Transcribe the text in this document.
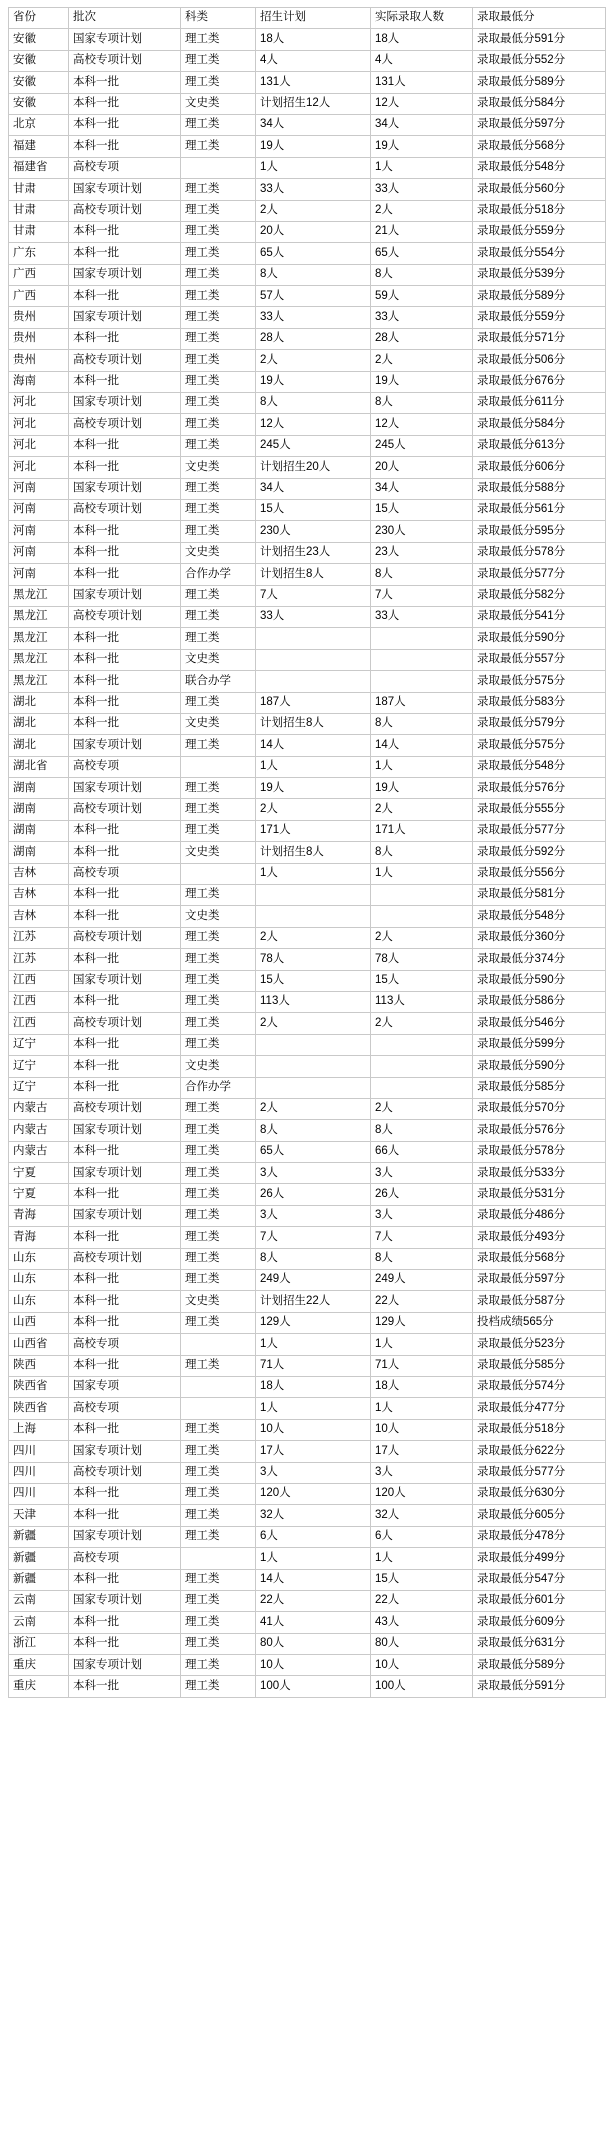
省份	批次	科类	招生计划	实际录取人数	录取最低分
安徽	国家专项计划	理工类	18人	18人	录取最低分591分
安徽	高校专项计划	理工类	4人	4人	录取最低分552分
安徽	本科一批	理工类	131人	131人	录取最低分589分
安徽	本科一批	文史类	计划招生12人	12人	录取最低分584分
北京	本科一批	理工类	34人	34人	录取最低分597分
福建	本科一批	理工类	19人	19人	录取最低分568分
福建省	高校专项		1人	1人	录取最低分548分
甘肃	国家专项计划	理工类	33人	33人	录取最低分560分
甘肃	高校专项计划	理工类	2人	2人	录取最低分518分
甘肃	本科一批	理工类	20人	21人	录取最低分559分
广东	本科一批	理工类	65人	65人	录取最低分554分
广西	国家专项计划	理工类	8人	8人	录取最低分539分
广西	本科一批	理工类	57人	59人	录取最低分589分
贵州	国家专项计划	理工类	33人	33人	录取最低分559分
贵州	本科一批	理工类	28人	28人	录取最低分571分
贵州	高校专项计划	理工类	2人	2人	录取最低分506分
海南	本科一批	理工类	19人	19人	录取最低分676分
河北	国家专项计划	理工类	8人	8人	录取最低分611分
河北	高校专项计划	理工类	12人	12人	录取最低分584分
河北	本科一批	理工类	245人	245人	录取最低分613分
河北	本科一批	文史类	计划招生20人	20人	录取最低分606分
河南	国家专项计划	理工类	34人	34人	录取最低分588分
河南	高校专项计划	理工类	15人	15人	录取最低分561分
河南	本科一批	理工类	230人	230人	录取最低分595分
河南	本科一批	文史类	计划招生23人	23人	录取最低分578分
河南	本科一批	合作办学	计划招生8人	8人	录取最低分577分
黑龙江	国家专项计划	理工类	7人	7人	录取最低分582分
黑龙江	高校专项计划	理工类	33人	33人	录取最低分541分
黑龙江	本科一批	理工类			录取最低分590分
黑龙江	本科一批	文史类			录取最低分557分
黑龙江	本科一批	联合办学			录取最低分575分
湖北	本科一批	理工类	187人	187人	录取最低分583分
湖北	本科一批	文史类	计划招生8人	8人	录取最低分579分
湖北	国家专项计划	理工类	14人	14人	录取最低分575分
湖北省	高校专项		1人	1人	录取最低分548分
湖南	国家专项计划	理工类	19人	19人	录取最低分576分
湖南	高校专项计划	理工类	2人	2人	录取最低分555分
湖南	本科一批	理工类	171人	171人	录取最低分577分
湖南	本科一批	文史类	计划招生8人	8人	录取最低分592分
吉林	高校专项		1人	1人	录取最低分556分
吉林	本科一批	理工类			录取最低分581分
吉林	本科一批	文史类			录取最低分548分
江苏	高校专项计划	理工类	2人	2人	录取最低分360分
江苏	本科一批	理工类	78人	78人	录取最低分374分
江西	国家专项计划	理工类	15人	15人	录取最低分590分
江西	本科一批	理工类	113人	113人	录取最低分586分
江西	高校专项计划	理工类	2人	2人	录取最低分546分
辽宁	本科一批	理工类			录取最低分599分
辽宁	本科一批	文史类			录取最低分590分
辽宁	本科一批	合作办学			录取最低分585分
内蒙古	高校专项计划	理工类	2人	2人	录取最低分570分
内蒙古	国家专项计划	理工类	8人	8人	录取最低分576分
内蒙古	本科一批	理工类	65人	66人	录取最低分578分
宁夏	国家专项计划	理工类	3人	3人	录取最低分533分
宁夏	本科一批	理工类	26人	26人	录取最低分531分
青海	国家专项计划	理工类	3人	3人	录取最低分486分
青海	本科一批	理工类	7人	7人	录取最低分493分
山东	高校专项计划	理工类	8人	8人	录取最低分568分
山东	本科一批	理工类	249人	249人	录取最低分597分
山东	本科一批	文史类	计划招生22人	22人	录取最低分587分
山西	本科一批	理工类	129人	129人	投档成绩565分
山西省	高校专项		1人	1人	录取最低分523分
陕西	本科一批	理工类	71人	71人	录取最低分585分
陕西省	国家专项		18人	18人	录取最低分574分
陕西省	高校专项		1人	1人	录取最低分477分
上海	本科一批	理工类	10人	10人	录取最低分518分
四川	国家专项计划	理工类	17人	17人	录取最低分622分
四川	高校专项计划	理工类	3人	3人	录取最低分577分
四川	本科一批	理工类	120人	120人	录取最低分630分
天津	本科一批	理工类	32人	32人	录取最低分605分
新疆	国家专项计划	理工类	6人	6人	录取最低分478分
新疆	高校专项		1人	1人	录取最低分499分
新疆	本科一批	理工类	14人	15人	录取最低分547分
云南	国家专项计划	理工类	22人	22人	录取最低分601分
云南	本科一批	理工类	41人	43人	录取最低分609分
浙江	本科一批	理工类	80人	80人	录取最低分631分
重庆	国家专项计划	理工类	10人	10人	录取最低分589分
重庆	本科一批	理工类	100人	100人	录取最低分591分
